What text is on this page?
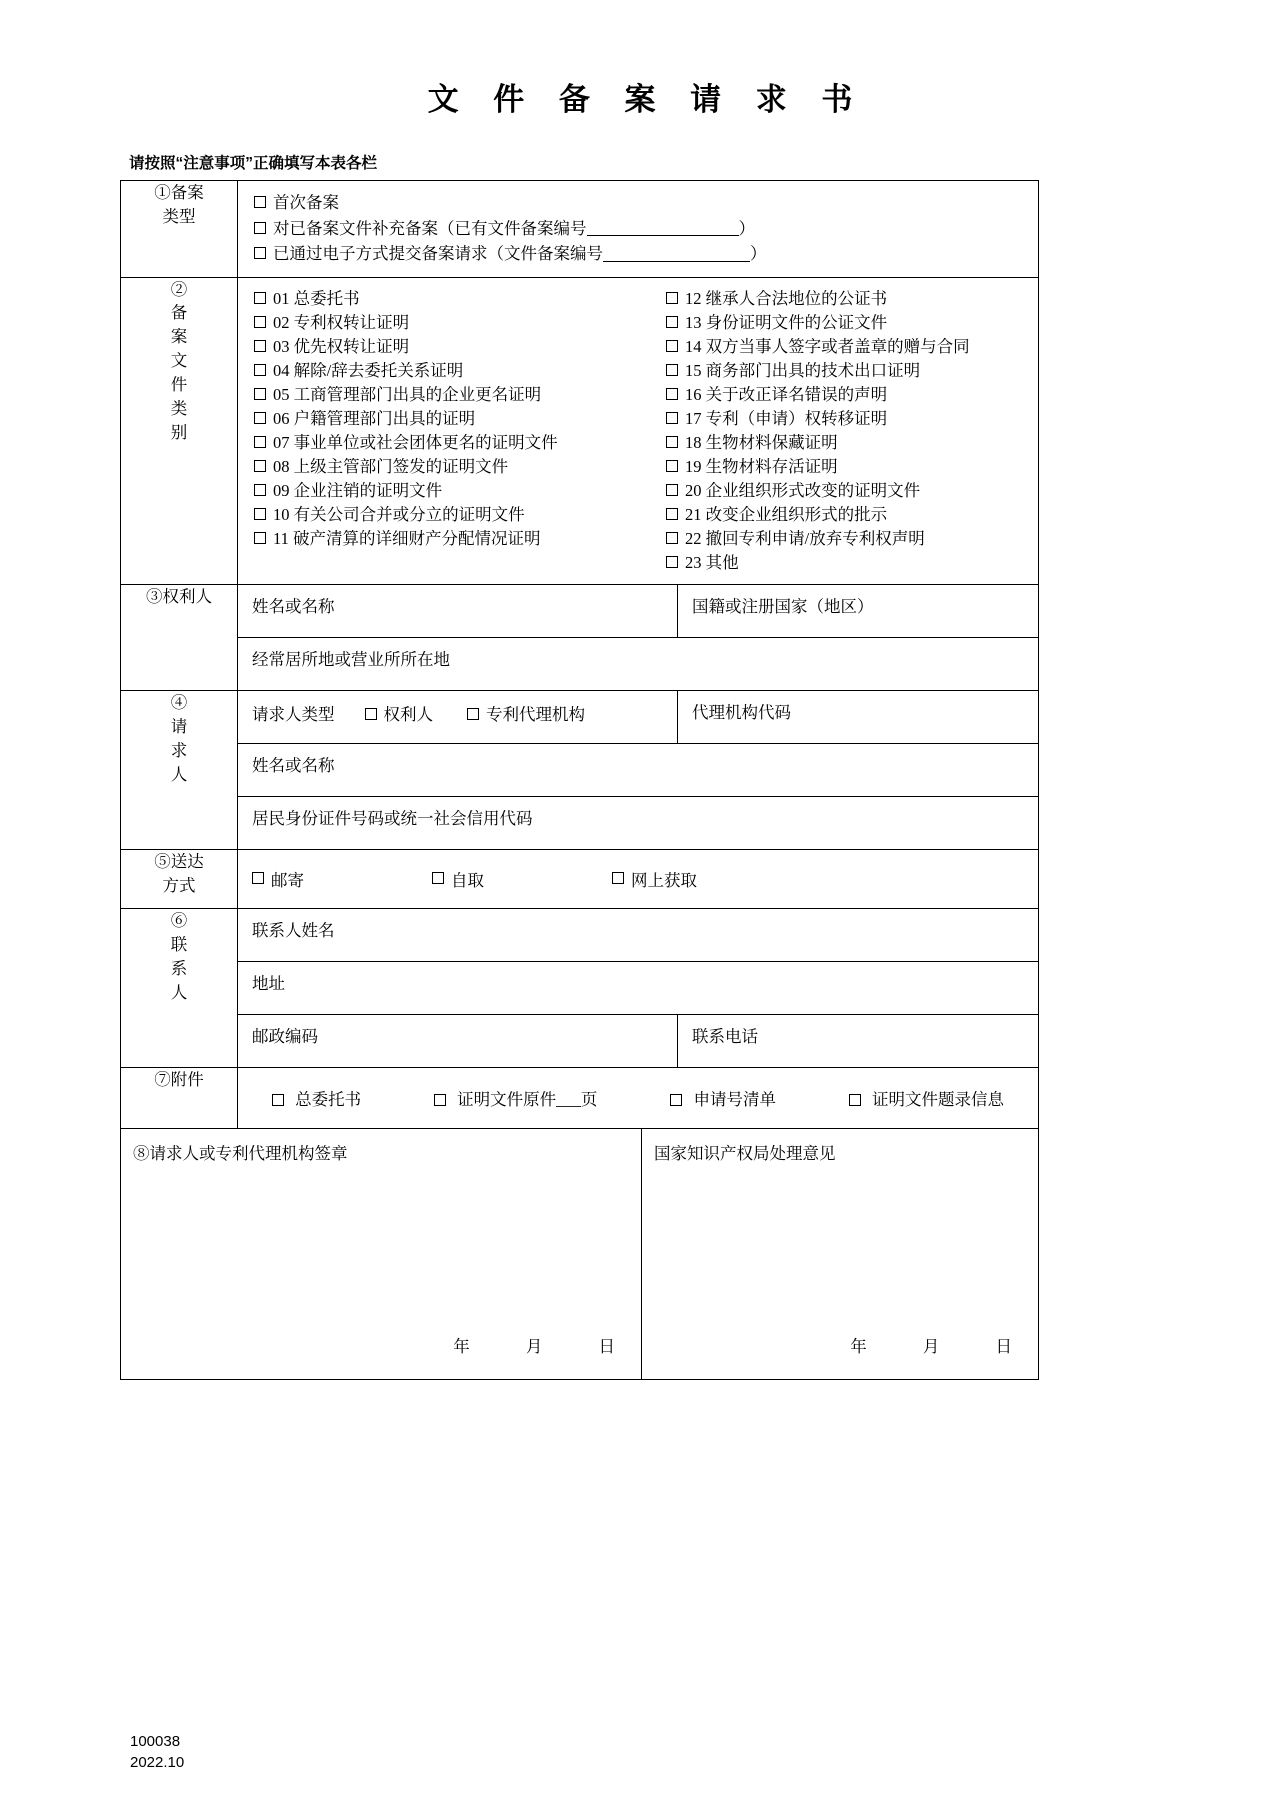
文 件 备 案 请 求 书
请按照“注意事项”正确填写本表各栏
①备案
类型

首次备案
对已备案文件补充备案（已有文件备案编号	）
已通过电子方式提交备案请求（文件备案编号	）

②
备
案
文
件
类
别

01 总委托书
02 专利权转让证明
03 优先权转让证明
04 解除/辞去委托关系证明
05 工商管理部门出具的企业更名证明
06 户籍管理部门出具的证明
07 事业单位或社会团体更名的证明文件
08 上级主管部门签发的证明文件
09 企业注销的证明文件
10 有关公司合并或分立的证明文件
11 破产清算的详细财产分配情况证明
12 继承人合法地位的公证书
13 身份证明文件的公证文件
14 双方当事人签字或者盖章的赠与合同
15 商务部门出具的技术出口证明
16 关于改正译名错误的声明
17 专利（申请）权转移证明
18 生物材料保藏证明
19 生物材料存活证明
20 企业组织形式改变的证明文件
21 改变企业组织形式的批示
22 撤回专利申请/放弃专利权声明
23 其他

③权利人	姓名或名称		国籍或注册国家（地区）

	经常居所地或营业所所在地		

④
请
求
人	请求人类型 权利人 专利代理机构		代理机构代码

	姓名或名称		

	居民身份证件号码或统一社会信用代码		

⑤送达
方式	邮寄 自取 网上获取		

⑥
联
系
人	联系人姓名		

	地址		

	邮政编码		联系电话

⑦附件	总委托书 证明文件原件___页 申请号清单 证明文件题录信息		

⑧请求人或专利代理机构签章
年	月	日

国家知识产权局处理意见
年	月	日
100038
2022.10
